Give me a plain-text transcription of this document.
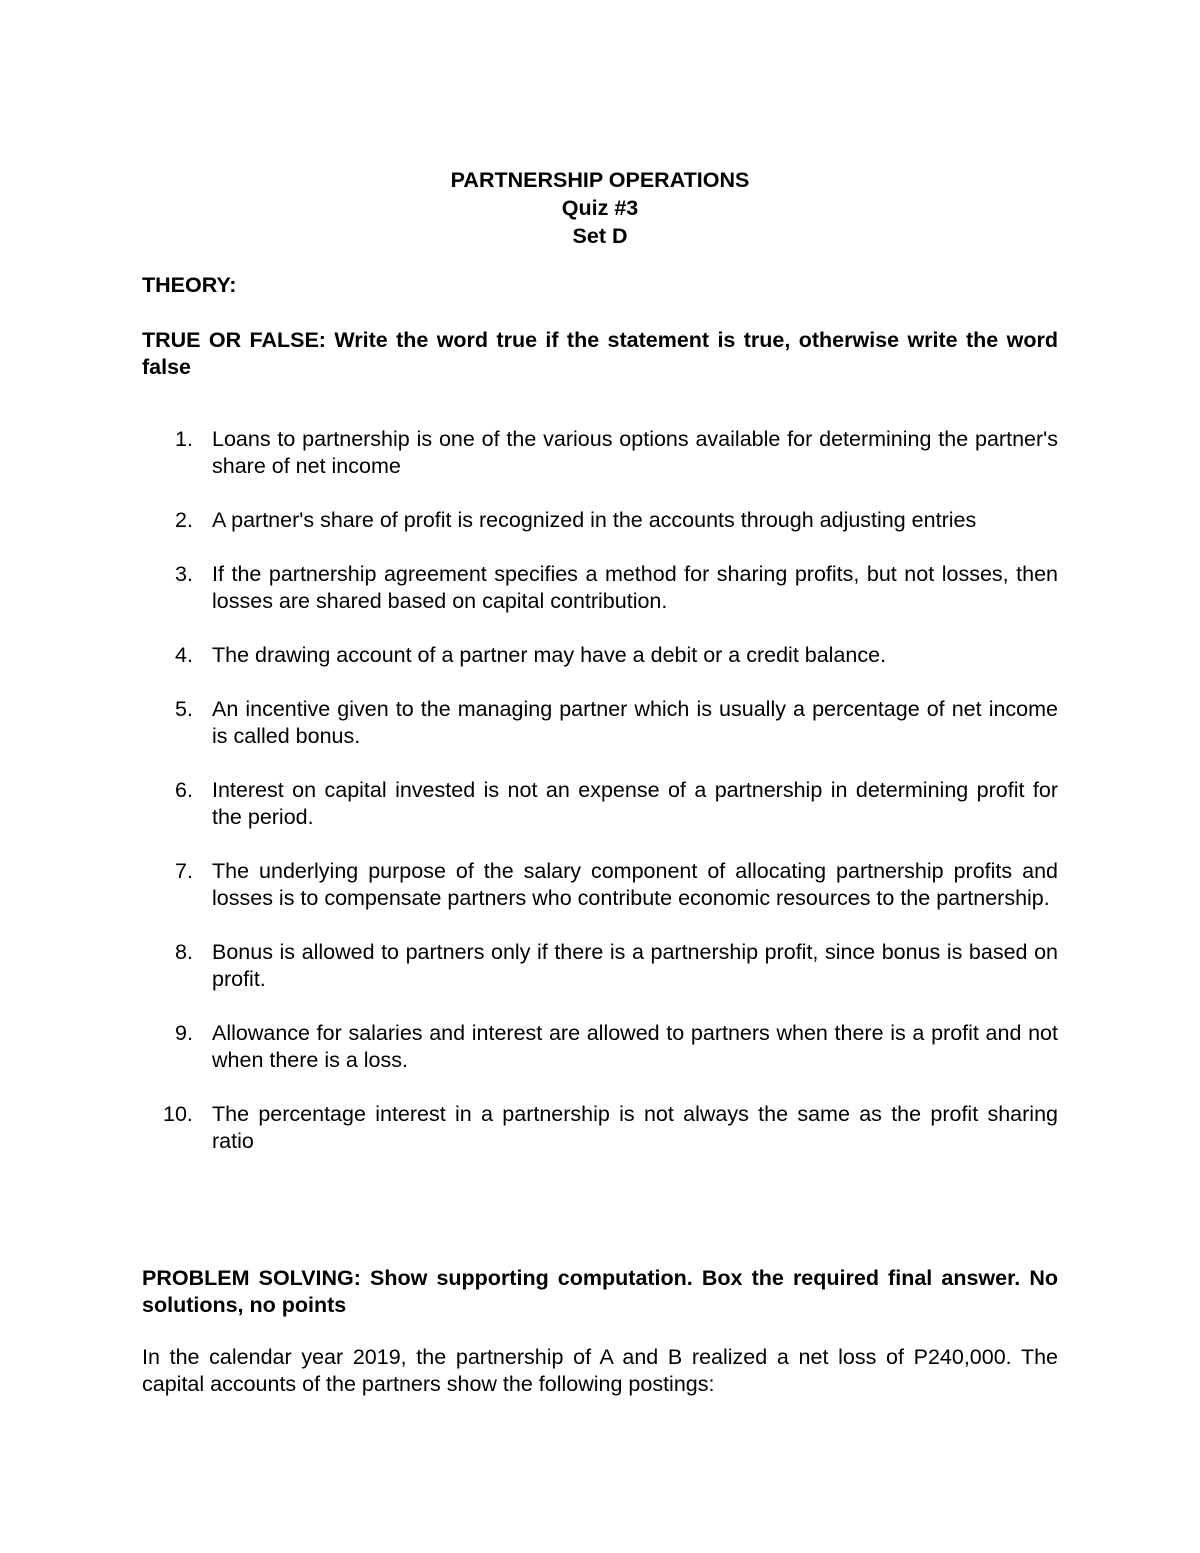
PARTNERSHIP OPERATIONS
Quiz #3
Set D
THEORY:
TRUE OR FALSE: Write the word true if the statement is true, otherwise write the word false
1. Loans to partnership is one of the various options available for determining the partner's share of net income
2. A partner's share of profit is recognized in the accounts through adjusting entries
3. If the partnership agreement specifies a method for sharing profits, but not losses, then losses are shared based on capital contribution.
4. The drawing account of a partner may have a debit or a credit balance.
5. An incentive given to the managing partner which is usually a percentage of net income is called bonus.
6. Interest on capital invested is not an expense of a partnership in determining profit for the period.
7. The underlying purpose of the salary component of allocating partnership profits and losses is to compensate partners who contribute economic resources to the partnership.
8. Bonus is allowed to partners only if there is a partnership profit, since bonus is based on profit.
9. Allowance for salaries and interest are allowed to partners when there is a profit and not when there is a loss.
10. The percentage interest in a partnership is not always the same as the profit sharing ratio
PROBLEM SOLVING: Show supporting computation. Box the required final answer. No solutions, no points
In the calendar year 2019, the partnership of A and B realized a net loss of P240,000. The capital accounts of the partners show the following postings:
